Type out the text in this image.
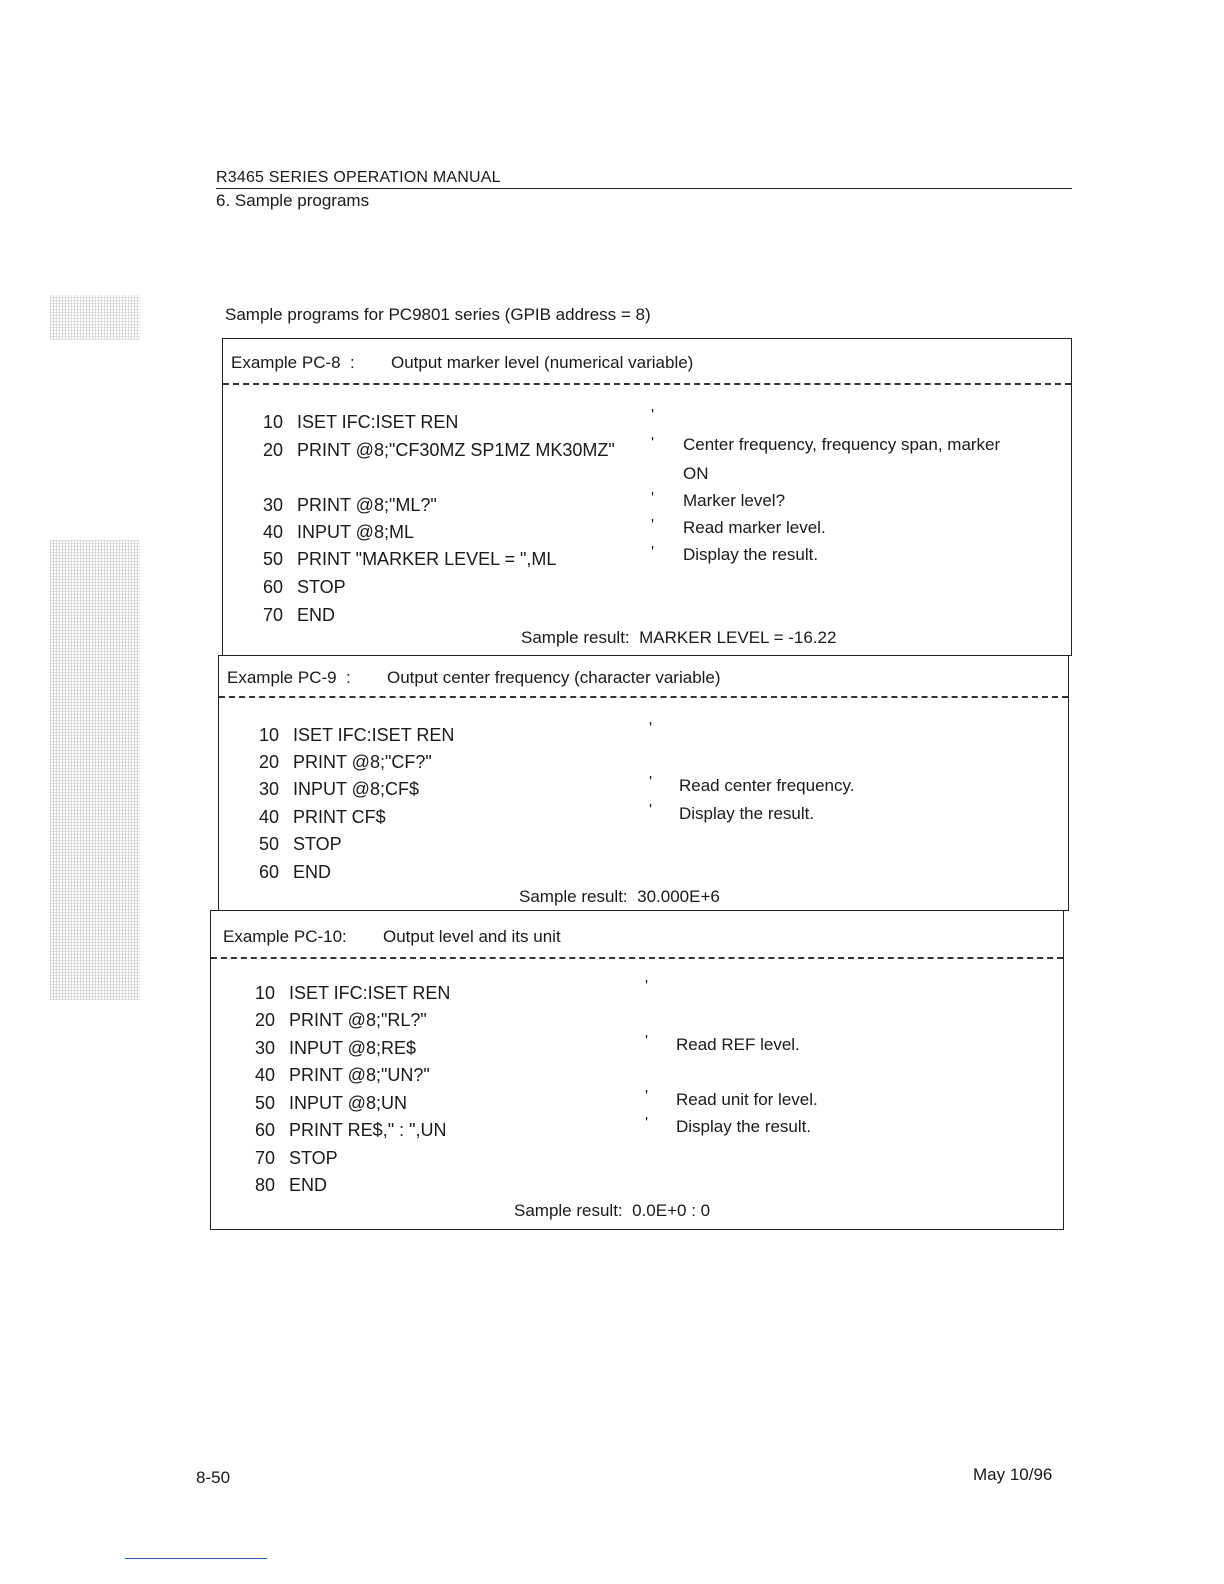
R3465 SERIES OPERATION MANUAL
6. Sample programs
Sample programs for PC9801 series (GPIB address = 8)
Example PC-8  : Output marker level (numerical variable)
10 ISET IFC:ISET REN	'
20 PRINT @8;"CF30MZ SP1MZ MK30MZ" ' Center frequency, frequency span, marker
ON
30 PRINT @8;"ML?"	' Marker level?
40 INPUT @8;ML	' Read marker level.
50 PRINT "MARKER LEVEL = ",ML	' Display the result.
60 STOP
70 END
Sample result: MARKER LEVEL = -16.22
Example PC-9  : Output center frequency (character variable)
10 ISET IFC:ISET REN	'
20 PRINT @8;"CF?"
30 INPUT @8;CF$	' Read center frequency.
40 PRINT CF$	' Display the result.
50 STOP
60 END
Sample result: 30.000E+6
Example PC-10: Output level and its unit
10 ISET IFC:ISET REN	'
20 PRINT @8;"RL?"
30 INPUT @8;RE$	' Read REF level.
40 PRINT @8;"UN?"
50 INPUT @8;UN	' Read unit for level.
60 PRINT RE$," : ",UN	' Display the result.
70 STOP
80 END
Sample result: 0.0E+0 : 0
8-50	May 10/96
